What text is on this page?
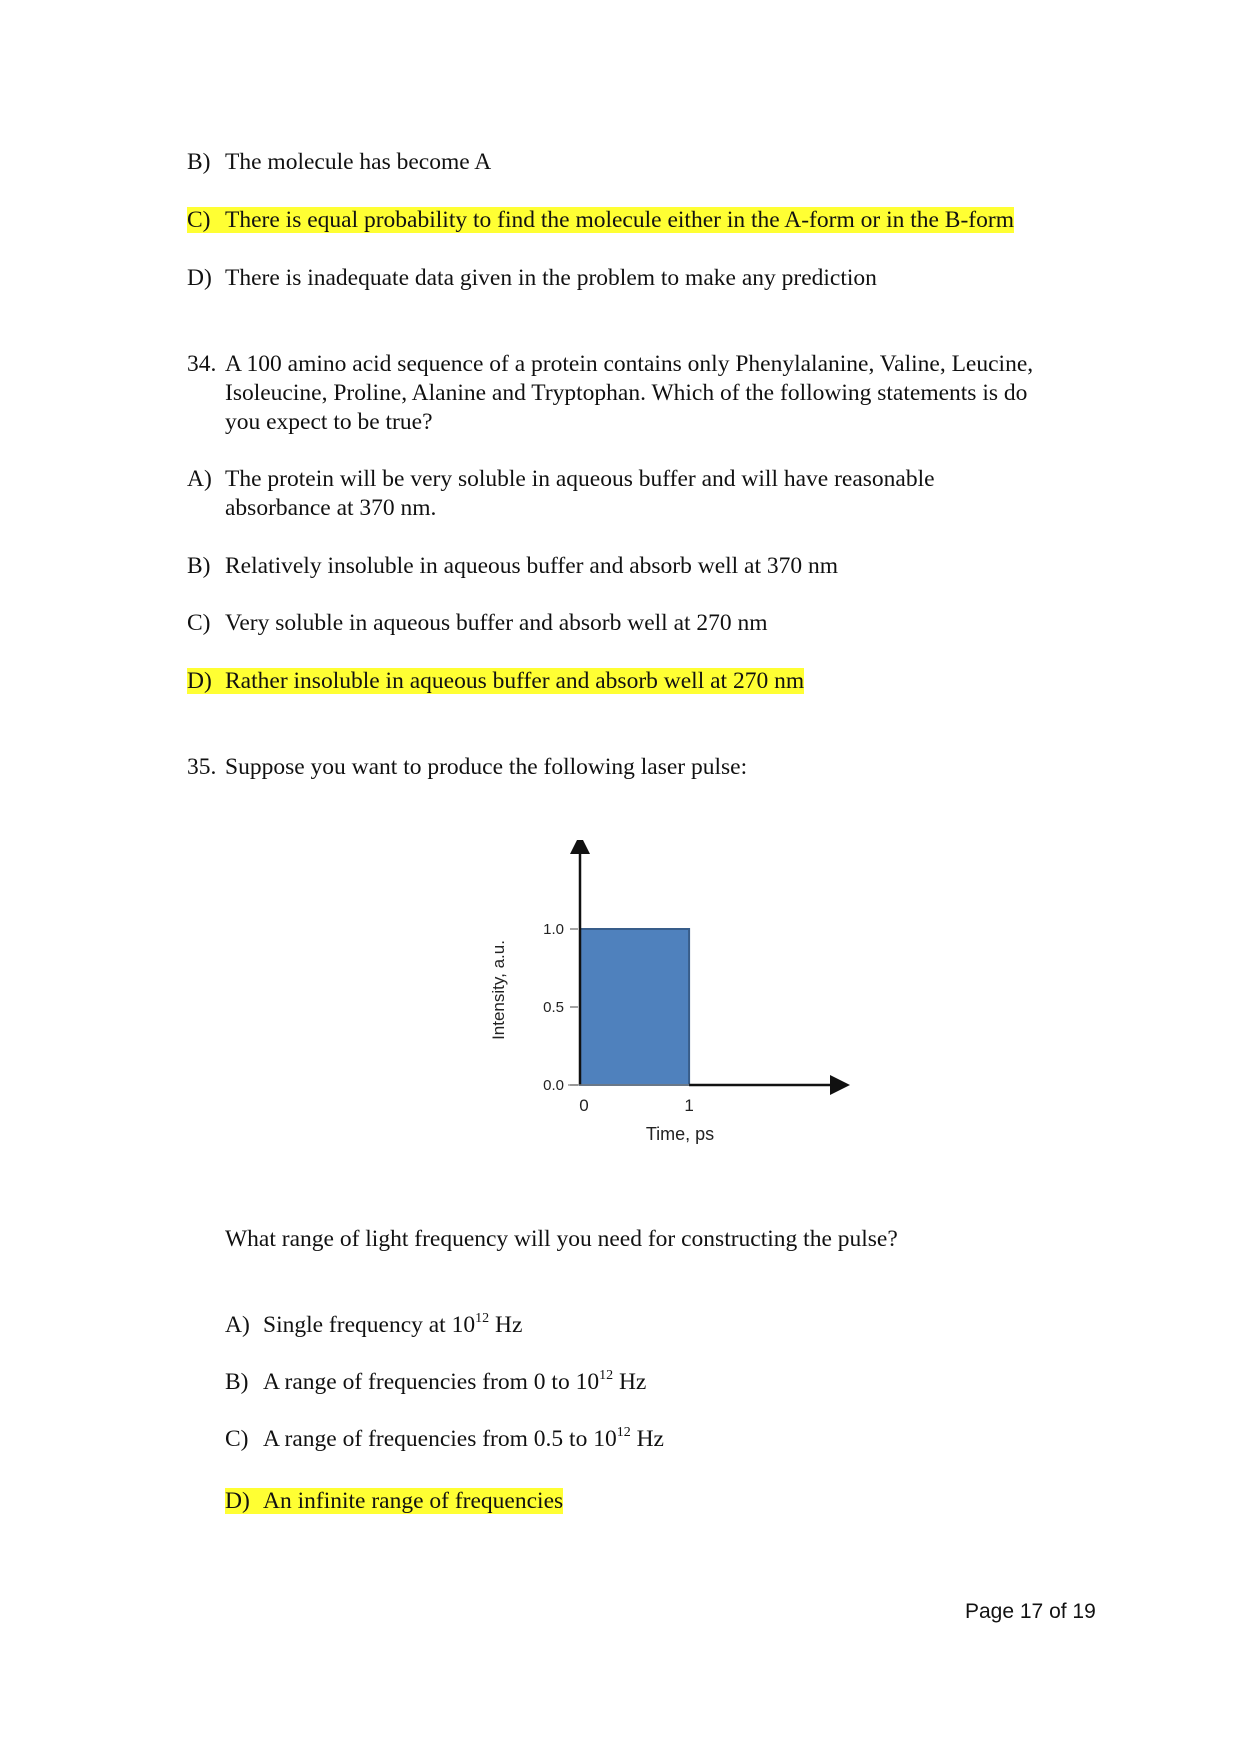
B) The molecule has become A
C) There is equal probability to find the molecule either in the A-form or in the B-form
D) There is inadequate data given in the problem to make any prediction
34. A 100 amino acid sequence of a protein contains only Phenylalanine, Valine, Leucine,
Isoleucine, Proline, Alanine and Tryptophan. Which of the following statements is do
you expect to be true?
A) The protein will be very soluble in aqueous buffer and will have reasonable
absorbance at 370 nm.
B) Relatively insoluble in aqueous buffer and absorb well at 370 nm
C) Very soluble in aqueous buffer and absorb well at 270 nm
D) Rather insoluble in aqueous buffer and absorb well at 270 nm
35. Suppose you want to produce the following laser pulse:
0.0
0.5
1.0
0	1
Intensity, a.u.
Time, ps
What range of light frequency will you need for constructing the pulse?
A) Single frequency at $10^{12}$ Hz
B) A range of frequencies from 0 to $10^{12}$ Hz
C) A range of frequencies from 0.5 to $10^{12}$ Hz
D) An infinite range of frequencies
Page 17 of 19
